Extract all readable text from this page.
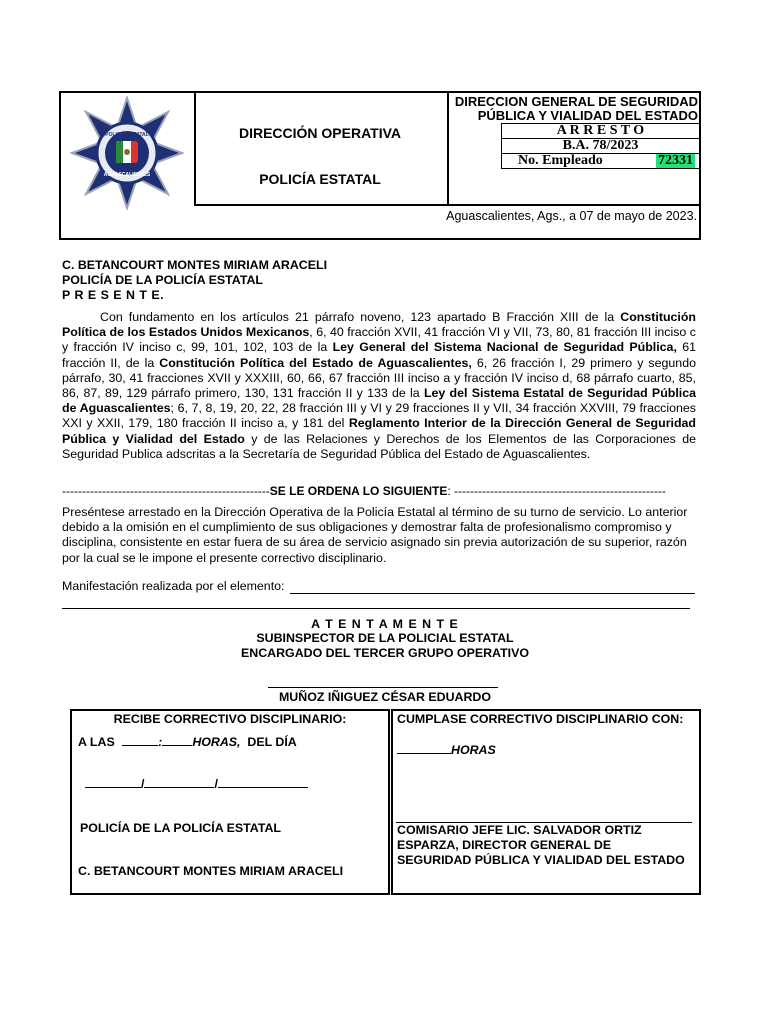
POLICIA ESTATAL
AGUASCALIENTES
DIRECCIÓN OPERATIVA
POLICÍA ESTATAL
DIRECCION GENERAL DE SEGURIDAD
PÚBLICA Y VIALIDAD DEL ESTADO
A R R E S T O
B.A. 78/2023
No. Empleado	72331
Aguascalientes, Ags., a 07 de mayo de 2023.
C. BETANCOURT MONTES MIRIAM ARACELI
POLICÍA DE LA POLICÍA ESTATAL
P R E S E N T E.
Con fundamento en los artículos 21 párrafo noveno, 123 apartado B Fracción XIII de la Constitución Política de los Estados Unidos Mexicanos, 6, 40 fracción XVII, 41 fracción VI y VII, 73, 80, 81 fracción III inciso c y fracción IV inciso c, 99, 101, 102, 103 de la Ley General del Sistema Nacional de Seguridad Pública, 61 fracción II, de la Constitución Política del Estado de Aguascalientes, 6, 26 fracción I, 29 primero y segundo párrafo, 30, 41 fracciones XVII y XXXIII, 60, 66, 67 fracción III inciso a y fracción IV inciso d, 68 párrafo cuarto, 85, 86, 87, 89, 129 párrafo primero, 130, 131 fracción II y 133 de la Ley del Sistema Estatal de Seguridad Pública de Aguascalientes; 6, 7, 8, 19, 20, 22, 28 fracción III y VI y 29 fracciones II y VII, 34 fracción XXVIII, 79 fracciones XXI y XXII, 179, 180 fracción II inciso a, y 181 del Reglamento Interior de la Dirección General de Seguridad Pública y Vialidad del Estado y de las Relaciones y Derechos de los Elementos de las Corporaciones de Seguridad Publica adscritas a la Secretaría de Seguridad Pública del Estado de Aguascalientes.
----------------------------------------------------SE LE ORDENA LO SIGUIENTE: -----------------------------------------------------
Preséntese arrestado en la Dirección Operativa de la Policía Estatal al término de su turno de servicio. Lo anterior debido a la omisión en el cumplimiento de sus obligaciones y demostrar falta de profesionalismo compromiso y disciplina, consistente en estar fuera de su área de servicio asignado sin previa autorización de su superior, razón por la cual se le impone el presente correctivo disciplinario.
Manifestación realizada por el elemento:
A T E N T A M E N T E
SUBINSPECTOR DE LA POLICIAL ESTATAL
ENCARGADO DEL TERCER GRUPO OPERATIVO
MUÑOZ IÑIGUEZ CÉSAR EDUARDO
RECIBE CORRECTIVO DISCIPLINARIO:
A LAS	: HORAS, DEL DÍA
/	/
POLICÍA DE LA POLICÍA ESTATAL
C. BETANCOURT MONTES MIRIAM ARACELI
CUMPLASE CORRECTIVO DISCIPLINARIO CON:
HORAS
COMISARIO JEFE LIC. SALVADOR ORTIZ
ESPARZA, DIRECTOR GENERAL DE
SEGURIDAD PÚBLICA Y VIALIDAD DEL ESTADO
